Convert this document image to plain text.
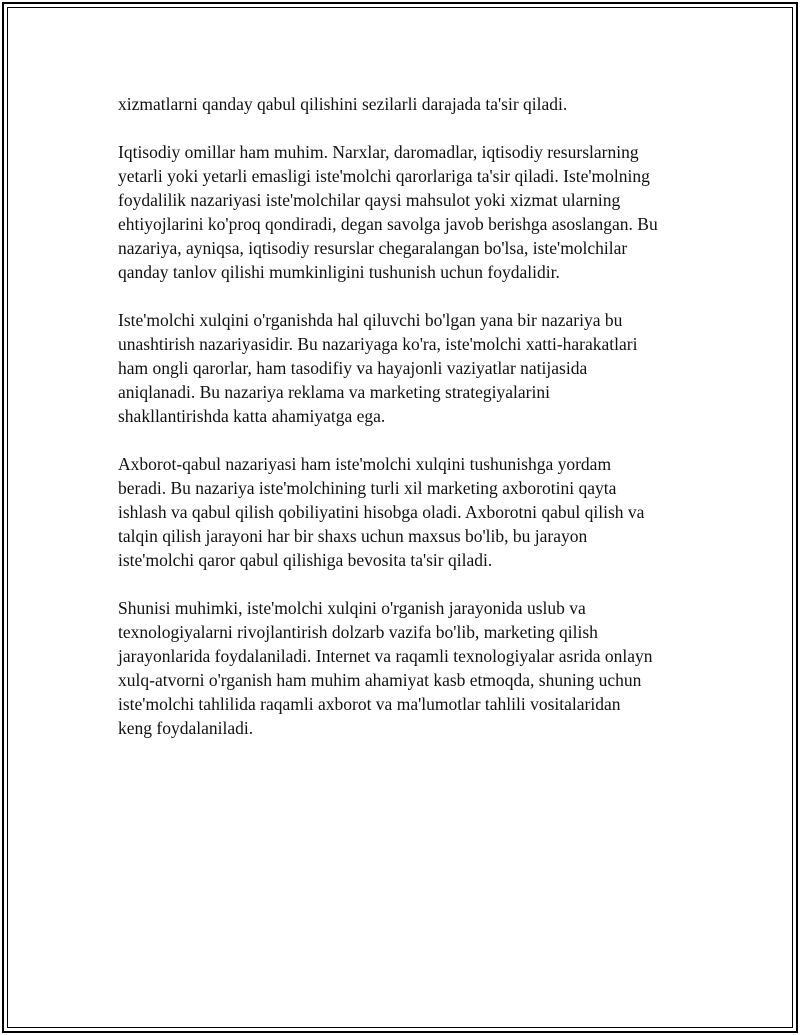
xizmatlarni qanday qabul qilishini sezilarli darajada ta'sir qiladi.

Iqtisodiy omillar ham muhim. Narxlar, daromadlar, iqtisodiy resurslarning
yetarli yoki yetarli emasligi iste'molchi qarorlariga ta'sir qiladi. Iste'molning
foydalilik nazariyasi iste'molchilar qaysi mahsulot yoki xizmat ularning
ehtiyojlarini ko'proq qondiradi, degan savolga javob berishga asoslangan. Bu
nazariya, ayniqsa, iqtisodiy resurslar chegaralangan bo'lsa, iste'molchilar
qanday tanlov qilishi mumkinligini tushunish uchun foydalidir.

Iste'molchi xulqini o'rganishda hal qiluvchi bo'lgan yana bir nazariya bu
unashtirish nazariyasidir. Bu nazariyaga ko'ra, iste'molchi xatti-harakatlari
ham ongli qarorlar, ham tasodifiy va hayajonli vaziyatlar natijasida
aniqlanadi. Bu nazariya reklama va marketing strategiyalarini
shakllantirishda katta ahamiyatga ega.

Axborot-qabul nazariyasi ham iste'molchi xulqini tushunishga yordam
beradi. Bu nazariya iste'molchining turli xil marketing axborotini qayta
ishlash va qabul qilish qobiliyatini hisobga oladi. Axborotni qabul qilish va
talqin qilish jarayoni har bir shaxs uchun maxsus bo'lib, bu jarayon
iste'molchi qaror qabul qilishiga bevosita ta'sir qiladi.

Shunisi muhimki, iste'molchi xulqini o'rganish jarayonida uslub va
texnologiyalarni rivojlantirish dolzarb vazifa bo'lib, marketing qilish
jarayonlarida foydalaniladi. Internet va raqamli texnologiyalar asrida onlayn
xulq-atvorni o'rganish ham muhim ahamiyat kasb etmoqda, shuning uchun
iste'molchi tahlilida raqamli axborot va ma'lumotlar tahlili vositalaridan
keng foydalaniladi.
